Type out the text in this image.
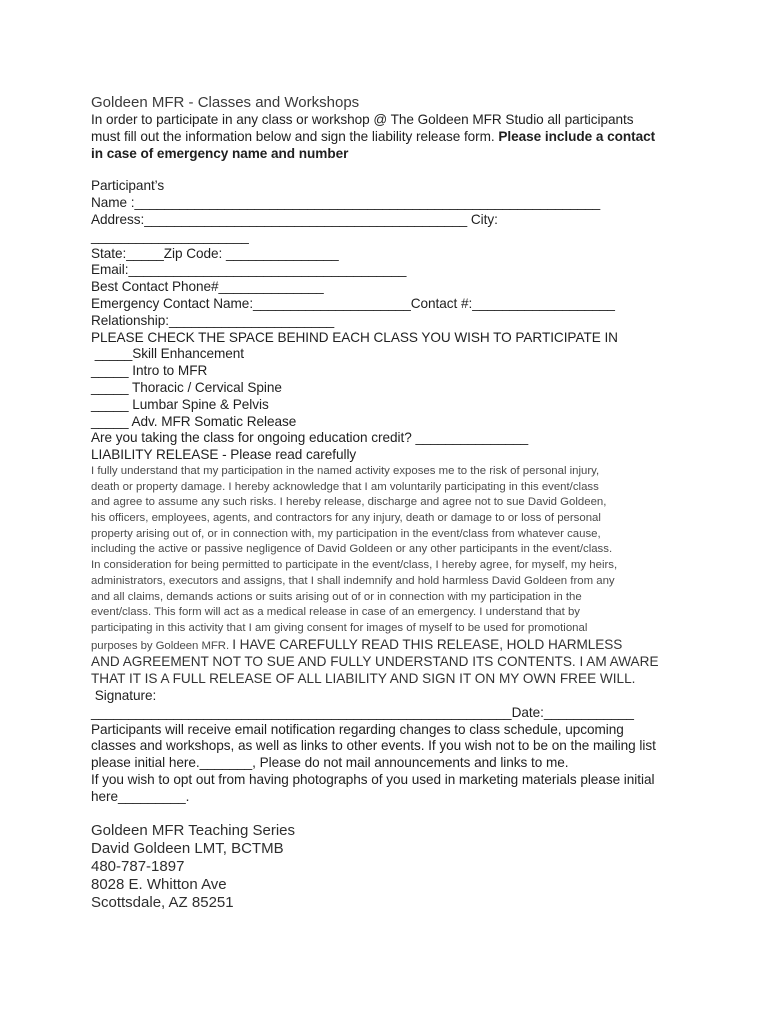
Goldeen MFR - Classes and Workshops
In order to participate in any class or workshop @ The Goldeen MFR Studio all participants
must fill out the information below and sign the liability release form. Please include a contact
in case of emergency name and number
Participant’s
Name :______________________________________________________________
Address:___________________________________________ City:
_____________________
State:_____Zip Code: _______________
Email:_____________________________________
Best Contact Phone#______________
Emergency Contact Name:_____________________Contact #:___________________
Relationship:______________________
PLEASE CHECK THE SPACE BEHIND EACH CLASS YOU WISH TO PARTICIPATE IN
_____Skill Enhancement
_____ Intro to MFR
_____ Thoracic / Cervical Spine
_____ Lumbar Spine & Pelvis
_____ Adv. MFR Somatic Release
Are you taking the class for ongoing education credit? _______________
LIABILITY RELEASE - Please read carefully
I fully understand that my participation in the named activity exposes me to the risk of personal injury,
death or property damage. I hereby acknowledge that I am voluntarily participating in this event/class
and agree to assume any such risks. I hereby release, discharge and agree not to sue David Goldeen,
his officers, employees, agents, and contractors for any injury, death or damage to or loss of personal
property arising out of, or in connection with, my participation in the event/class from whatever cause,
including the active or passive negligence of David Goldeen or any other participants in the event/class.
In consideration for being permitted to participate in the event/class, I hereby agree, for myself, my heirs,
administrators, executors and assigns, that I shall indemnify and hold harmless David Goldeen from any
and all claims, demands actions or suits arising out of or in connection with my participation in the
event/class. This form will act as a medical release in case of an emergency. I understand that by
participating in this activity that I am giving consent for images of myself to be used for promotional
purposes by Goldeen MFR. I HAVE CAREFULLY READ THIS RELEASE, HOLD HARMLESS
AND AGREEMENT NOT TO SUE AND FULLY UNDERSTAND ITS CONTENTS. I AM AWARE
THAT IT IS A FULL RELEASE OF ALL LIABILITY AND SIGN IT ON MY OWN FREE WILL.
Signature:
________________________________________________________Date:____________
Participants will receive email notification regarding changes to class schedule, upcoming
classes and workshops, as well as links to other events. If you wish not to be on the mailing list
please initial here._______, Please do not mail announcements and links to me.
If you wish to opt out from having photographs of you used in marketing materials please initial
here_________.
Goldeen MFR Teaching Series
David Goldeen LMT, BCTMB
480-787-1897
8028 E. Whitton Ave
Scottsdale, AZ 85251
